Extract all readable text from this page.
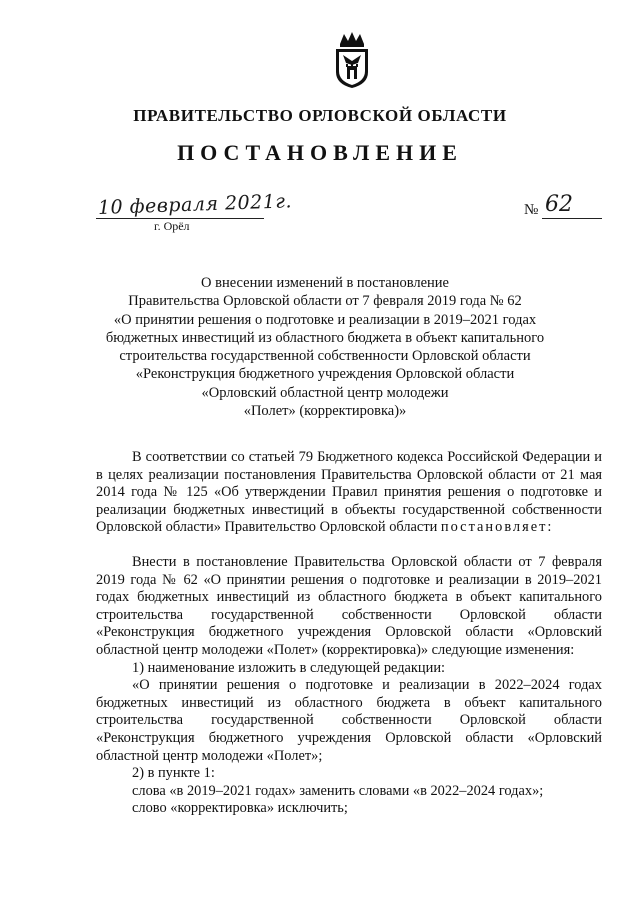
ПРАВИТЕЛЬСТВО ОРЛОВСКОЙ ОБЛАСТИ
ПОСТАНОВЛЕНИЕ
10 февраля 2021г.
г. Орёл
№ 62
О внесении изменений в постановление
Правительства Орловской области от 7 февраля 2019 года № 62
«О принятии решения о подготовке и реализации в 2019–2021 годах
бюджетных инвестиций из областного бюджета в объект капитального
строительства государственной собственности Орловской области
«Реконструкция бюджетного учреждения Орловской области
«Орловский областной центр молодежи
«Полет» (корректировка)»

В соответствии со статьей 79 Бюджетного кодекса Российской Федерации и в целях реализации постановления Правительства Орловской области от 21 мая 2014 года № 125 «Об утверждении Правил принятия решения о подготовке и реализации бюджетных инвестиций в объекты государственной собственности Орловской области» Правительство Орловской области постановляет:

Внести в постановление Правительства Орловской области от 7 февраля 2019 года № 62 «О принятии решения о подготовке и реализации в 2019–2021 годах бюджетных инвестиций из областного бюджета в объект капитального строительства государственной собственности Орловской области «Реконструкция бюджетного учреждения Орловской области «Орловский областной центр молодежи «Полет» (корректировка)» следующие изменения:

1) наименование изложить в следующей редакции:

«О принятии решения о подготовке и реализации в 2022–2024 годах бюджетных инвестиций из областного бюджета в объект капитального строительства государственной собственности Орловской области «Реконструкция бюджетного учреждения Орловской области «Орловский областной центр молодежи «Полет»;

2) в пункте 1:

слова «в 2019–2021 годах» заменить словами «в 2022–2024 годах»;

слово «корректировка» исключить;
